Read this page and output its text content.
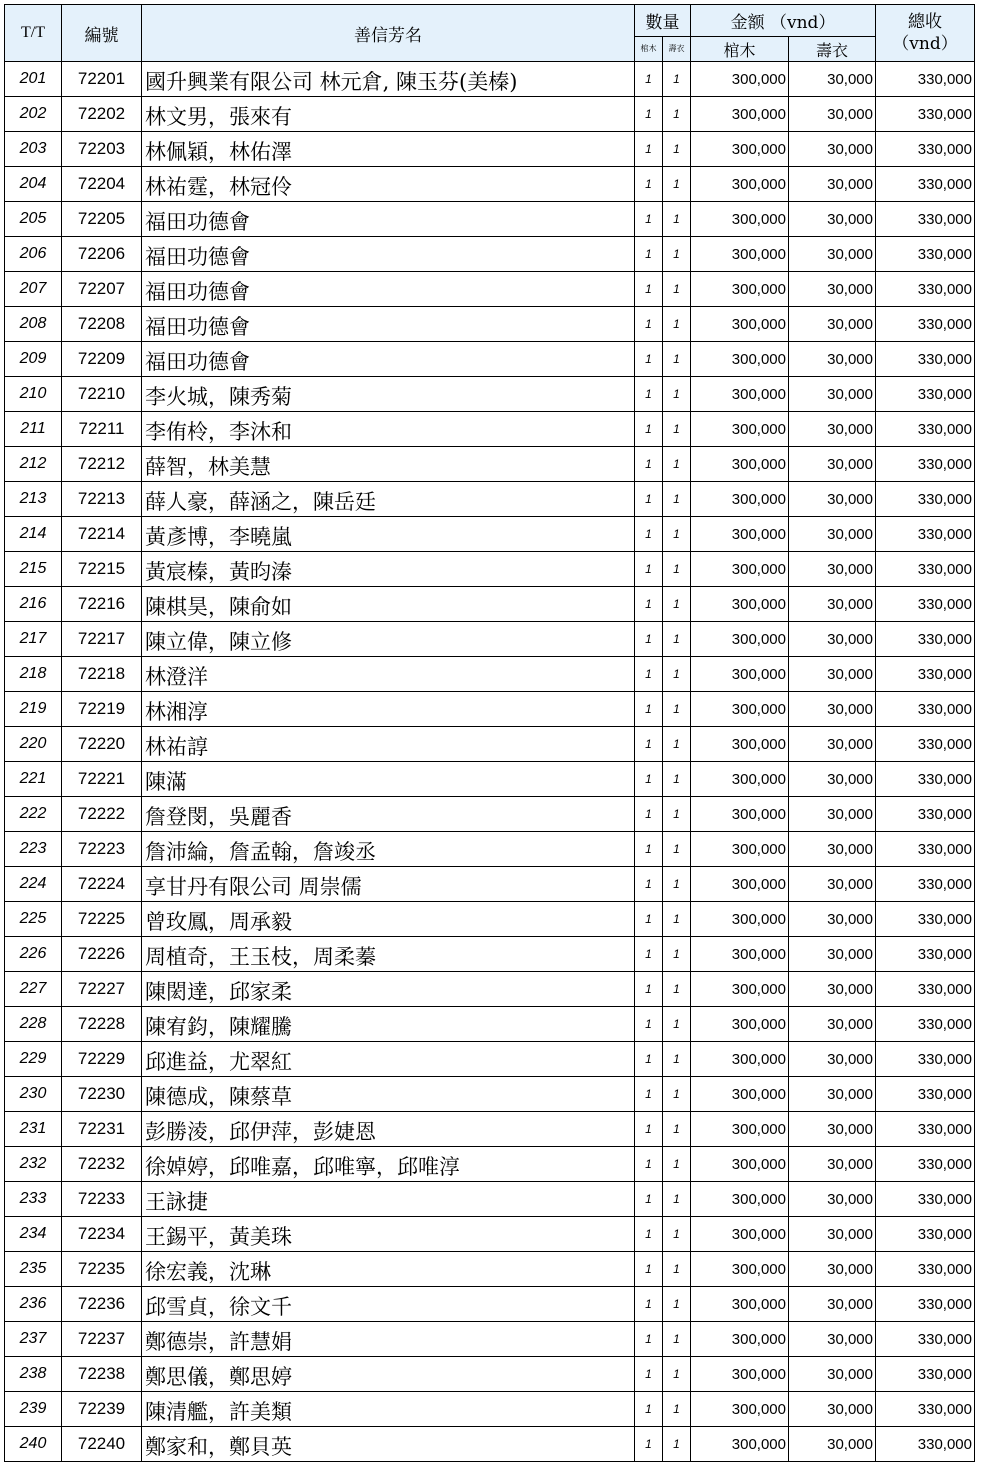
T/T	編號	善信芳名	數量		金额 （vnd）		總收
（vnd）

			棺木	壽衣	棺木	壽衣	
201	72201	國升興業有限公司 林元倉, 陳玉芬(美榛)	1	1	300,000	30,000	330,000
202	72202	林文男，張來有	1	1	300,000	30,000	330,000
203	72203	林佩穎，林佑澤	1	1	300,000	30,000	330,000
204	72204	林祐霆，林冠伶	1	1	300,000	30,000	330,000
205	72205	福田功德會	1	1	300,000	30,000	330,000
206	72206	福田功德會	1	1	300,000	30,000	330,000
207	72207	福田功德會	1	1	300,000	30,000	330,000
208	72208	福田功德會	1	1	300,000	30,000	330,000
209	72209	福田功德會	1	1	300,000	30,000	330,000
210	72210	李火城，陳秀菊	1	1	300,000	30,000	330,000
211	72211	李侑柃，李沐和	1	1	300,000	30,000	330,000
212	72212	薛智，林美慧	1	1	300,000	30,000	330,000
213	72213	薛人豪，薛涵之，陳岳廷	1	1	300,000	30,000	330,000
214	72214	黃彥博，李曉嵐	1	1	300,000	30,000	330,000
215	72215	黃宸榛，黃昀溱	1	1	300,000	30,000	330,000
216	72216	陳棋昊，陳俞如	1	1	300,000	30,000	330,000
217	72217	陳立偉，陳立修	1	1	300,000	30,000	330,000
218	72218	林澄洋	1	1	300,000	30,000	330,000
219	72219	林湘淳	1	1	300,000	30,000	330,000
220	72220	林祐諄	1	1	300,000	30,000	330,000
221	72221	陳滿	1	1	300,000	30,000	330,000
222	72222	詹登閔，吳麗香	1	1	300,000	30,000	330,000
223	72223	詹沛綸，詹孟翰，詹竣丞	1	1	300,000	30,000	330,000
224	72224	享甘丹有限公司 周崇儒	1	1	300,000	30,000	330,000
225	72225	曾玫鳳，周承毅	1	1	300,000	30,000	330,000
226	72226	周植奇，王玉枝，周柔蓁	1	1	300,000	30,000	330,000
227	72227	陳閎達，邱家柔	1	1	300,000	30,000	330,000
228	72228	陳宥鈞，陳耀騰	1	1	300,000	30,000	330,000
229	72229	邱進益，尤翠紅	1	1	300,000	30,000	330,000
230	72230	陳德成，陳蔡草	1	1	300,000	30,000	330,000
231	72231	彭勝淩，邱伊萍，彭婕恩	1	1	300,000	30,000	330,000
232	72232	徐婥婷，邱唯嘉，邱唯寧，邱唯淳	1	1	300,000	30,000	330,000
233	72233	王詠捷	1	1	300,000	30,000	330,000
234	72234	王錫平，黃美珠	1	1	300,000	30,000	330,000
235	72235	徐宏義，沈琳	1	1	300,000	30,000	330,000
236	72236	邱雪貞，徐文千	1	1	300,000	30,000	330,000
237	72237	鄭德崇，許慧娟	1	1	300,000	30,000	330,000
238	72238	鄭思儀，鄭思婷	1	1	300,000	30,000	330,000
239	72239	陳清艦，許美類	1	1	300,000	30,000	330,000
240	72240	鄭家和，鄭貝英	1	1	300,000	30,000	330,000
